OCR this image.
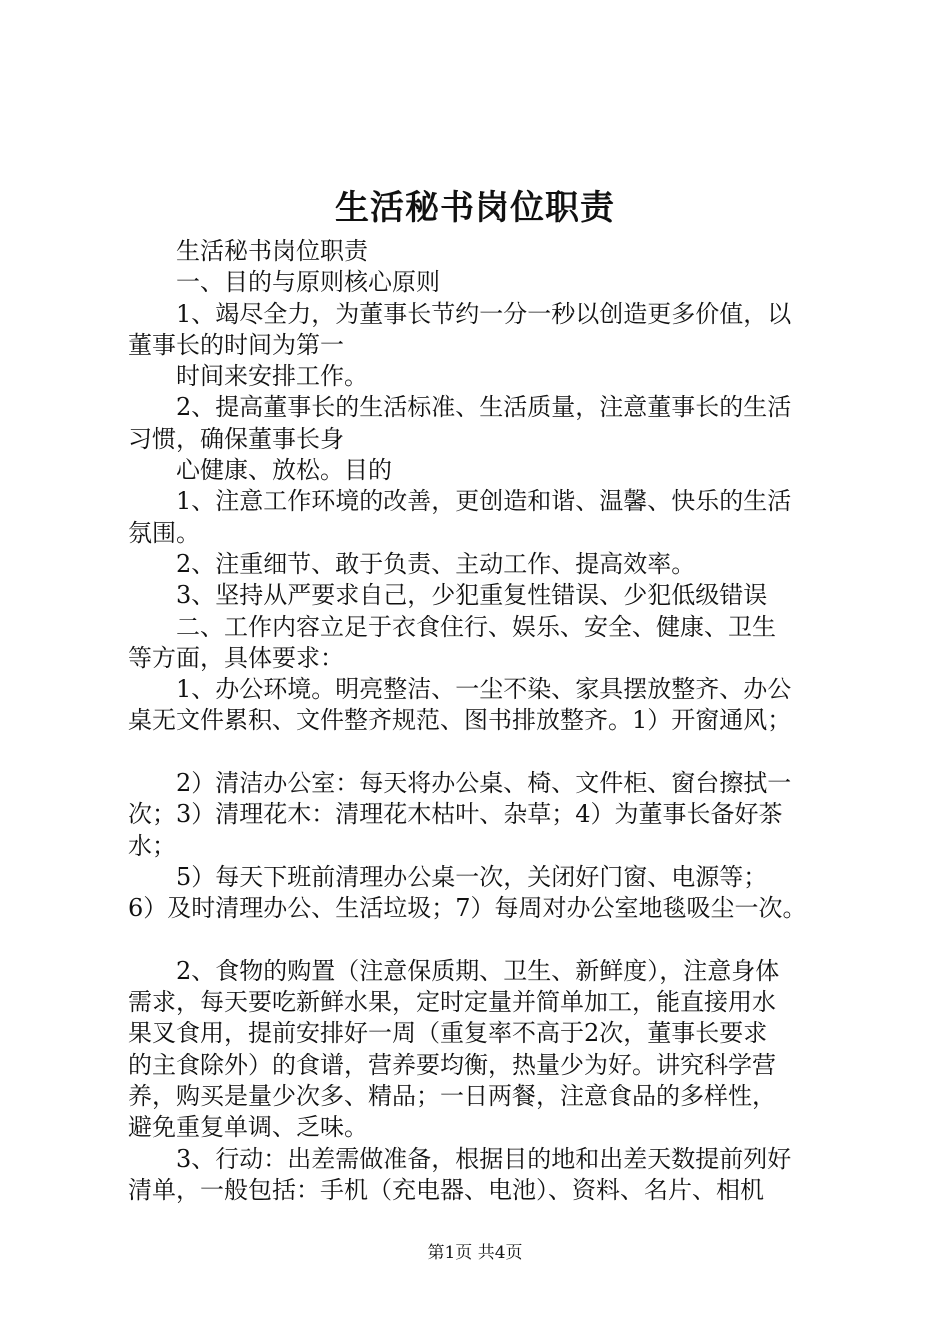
生活秘书岗位职责
　　生活秘书岗位职责
　　一、目的与原则核心原则
　　1、竭尽全力，为董事长节约一分一秒以创造更多价值，以
董事长的时间为第一
　　时间来安排工作。
　　2、提高董事长的生活标准、生活质量，注意董事长的生活
习惯，确保董事长身
　　心健康、放松。目的
　　1、注意工作环境的改善，更创造和谐、温馨、快乐的生活
氛围。
　　2、注重细节、敢于负责、主动工作、提高效率。
　　3、坚持从严要求自己，少犯重复性错误、少犯低级错误
　　二、工作内容立足于衣食住行、娱乐、安全、健康、卫生
等方面，具体要求：
　　1、办公环境。明亮整洁、一尘不染、家具摆放整齐、办公
桌无文件累积、文件整齐规范、图书排放整齐。1）开窗通风；
　　2）清洁办公室：每天将办公桌、椅、文件柜、窗台擦拭一
次；3）清理花木：清理花木枯叶、杂草；4）为董事长备好茶
水；
　　5）每天下班前清理办公桌一次，关闭好门窗、电源等；
6）及时清理办公、生活垃圾；7）每周对办公室地毯吸尘一次。
　　2、食物的购置（注意保质期、卫生、新鲜度），注意身体
需求，每天要吃新鲜水果，定时定量并简单加工，能直接用水
果叉食用，提前安排好一周（重复率不高于2次，董事长要求
的主食除外）的食谱，营养要均衡，热量少为好。讲究科学营
养，购买是量少次多、精品；一日两餐，注意食品的多样性，
避免重复单调、乏味。
　　3、行动：出差需做准备，根据目的地和出差天数提前列好
清单，一般包括：手机（充电器、电池）、资料、名片、相机
第1页 共4页
